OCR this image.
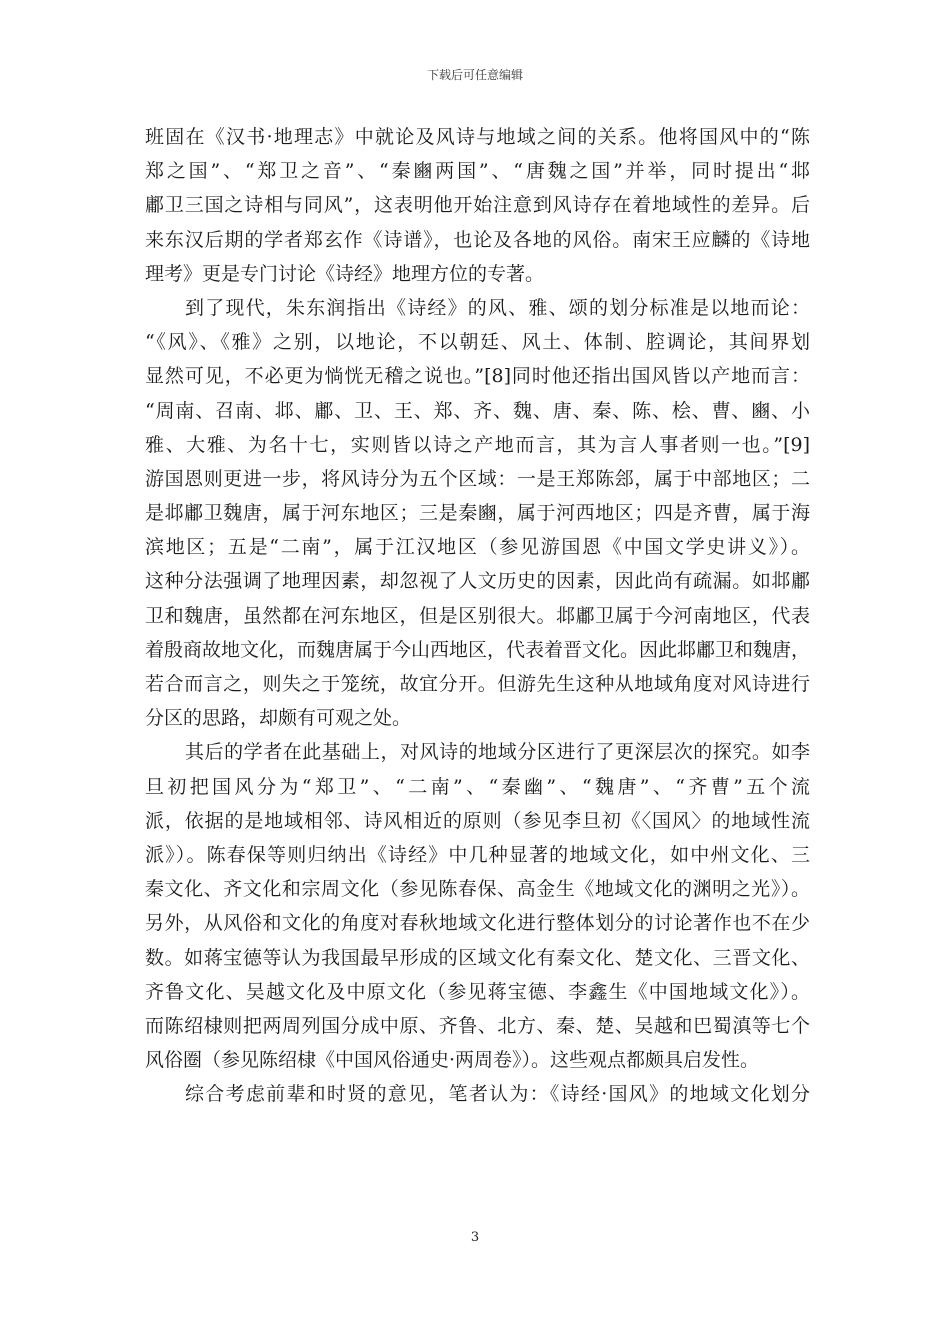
下载后可任意编辑
班固在《汉书·地理志》中就论及风诗与地域之间的关系。他将国风中的“陈
郑之国”、“郑卫之音”、“秦豳两国”、“唐魏之国”并举，同时提出“邶
鄘卫三国之诗相与同风”，这表明他开始注意到风诗存在着地域性的差异。后
来东汉后期的学者郑玄作《诗谱》，也论及各地的风俗。南宋王应麟的《诗地
理考》更是专门讨论《诗经》地理方位的专著。
到了现代，朱东润指出《诗经》的风、雅、颂的划分标准是以地而论：
“《风》、《雅》之别，以地论，不以朝廷、风土、体制、腔调论，其间界划
显然可见，不必更为惝恍无稽之说也。”[8]同时他还指出国风皆以产地而言：
“周南、召南、邶、鄘、卫、王、郑、齐、魏、唐、秦、陈、桧、曹、豳、小
雅、大雅、为名十七，实则皆以诗之产地而言，其为言人事者则一也。”[9]
游国恩则更进一步，将风诗分为五个区域：一是王郑陈郐，属于中部地区；二
是邶鄘卫魏唐，属于河东地区；三是秦豳，属于河西地区；四是齐曹，属于海
滨地区；五是“二南”，属于江汉地区（参见游国恩《中国文学史讲义》）。
这种分法强调了地理因素，却忽视了人文历史的因素，因此尚有疏漏。如邶鄘
卫和魏唐，虽然都在河东地区，但是区别很大。邶鄘卫属于今河南地区，代表
着殷商故地文化，而魏唐属于今山西地区，代表着晋文化。因此邶鄘卫和魏唐，
若合而言之，则失之于笼统，故宜分开。但游先生这种从地域角度对风诗进行
分区的思路，却颇有可观之处。
其后的学者在此基础上，对风诗的地域分区进行了更深层次的探究。如李
旦初把国风分为“郑卫”、“二南”、“秦幽”、“魏唐”、“齐曹”五个流
派，依据的是地域相邻、诗风相近的原则（参见李旦初《〈国风〉的地域性流
派》）。陈春保等则归纳出《诗经》中几种显著的地域文化，如中州文化、三
秦文化、齐文化和宗周文化（参见陈春保、高金生《地域文化的渊明之光》）。
另外，从风俗和文化的角度对春秋地域文化进行整体划分的讨论著作也不在少
数。如蒋宝德等认为我国最早形成的区域文化有秦文化、楚文化、三晋文化、
齐鲁文化、吴越文化及中原文化（参见蒋宝德、李鑫生《中国地域文化》）。
而陈绍棣则把两周列国分成中原、齐鲁、北方、秦、楚、吴越和巴蜀滇等七个
风俗圈（参见陈绍棣《中国风俗通史·两周卷》）。这些观点都颇具启发性。
综合考虑前辈和时贤的意见，笔者认为：《诗经·国风》的地域文化划分
3
